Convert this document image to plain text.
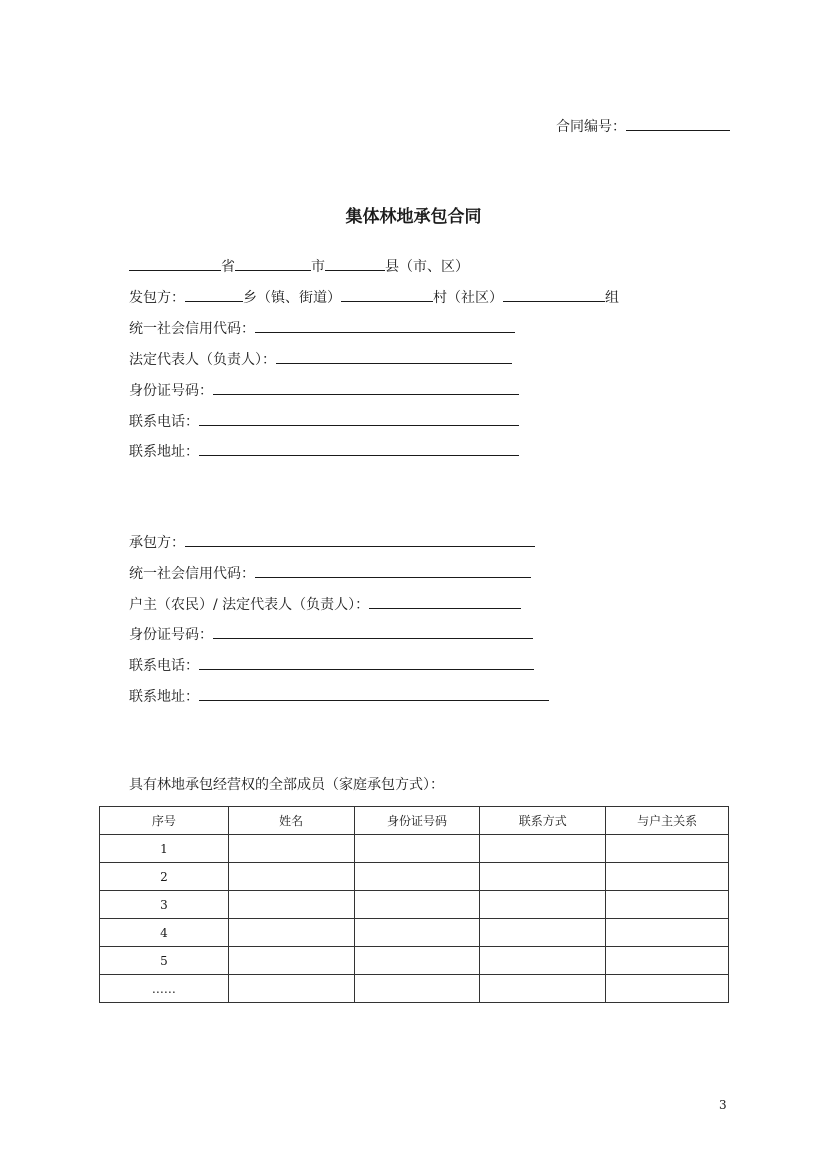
合同编号：
集体林地承包合同
省	市	县（市、区）
发包方：	乡（镇、街道）	村（社区）	组
统一社会信用代码：
法定代表人（负责人）：
身份证号码：
联系电话：
联系地址：
承包方：
统一社会信用代码：
户主（农民）/ 法定代表人（负责人）：
身份证号码：
联系电话：
联系地址：
具有林地承包经营权的全部成员（家庭承包方式）：
序号	姓名	身份证号码	联系方式	与户主关系
1				
2				
3				
4				
5				
……				
3
